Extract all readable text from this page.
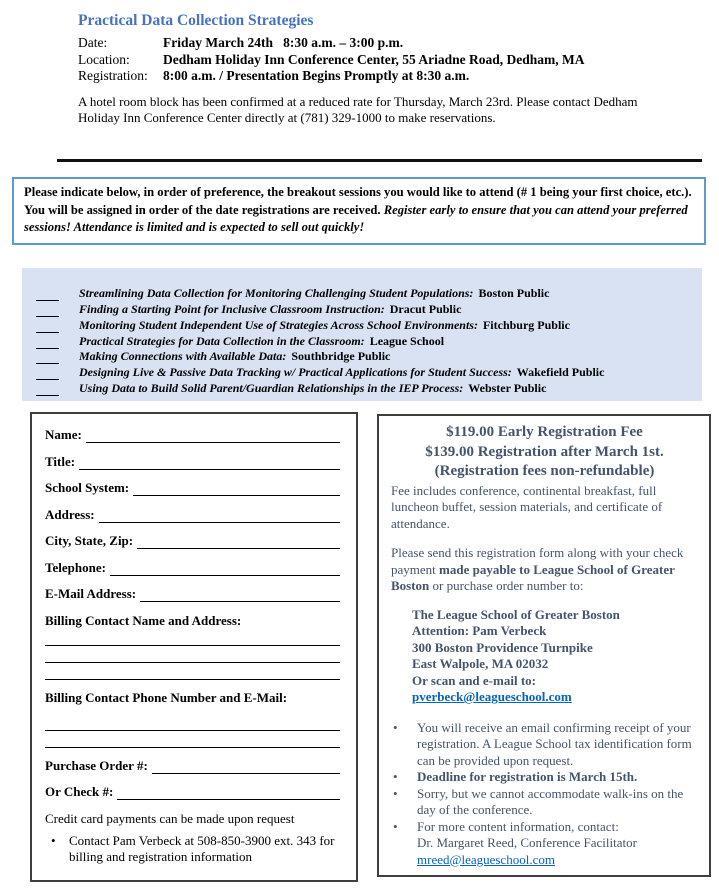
Practical Data Collection Strategies
Date:	Friday March 24th   8:30 a.m. – 3:00 p.m.
Location:	Dedham Holiday Inn Conference Center, 55 Ariadne Road, Dedham, MA
Registration:	8:00 a.m. / Presentation Begins Promptly at 8:30 a.m.

A hotel room block has been confirmed at a reduced rate for Thursday, March 23rd. Please contact Dedham Holiday Inn Conference Center directly at (781) 329-1000 to make reservations.

Please indicate below, in order of preference, the breakout sessions you would like to attend (# 1 being your first choice, etc.). You will be assigned in order of the date registrations are received. Register early to ensure that you can attend your preferred sessions! Attendance is limited and is expected to sell out quickly!
Streamlining Data Collection for Monitoring Challenging Student Populations: Boston Public
Finding a Starting Point for Inclusive Classroom Instruction: Dracut Public
Monitoring Student Independent Use of Strategies Across School Environments: Fitchburg Public
Practical Strategies for Data Collection in the Classroom: League School
Making Connections with Available Data: Southbridge Public
Designing Live & Passive Data Tracking w/ Practical Applications for Student Success: Wakefield Public
Using Data to Build Solid Parent/Guardian Relationships in the IEP Process: Webster Public
Name:
Title:
School System:
Address:
City, State, Zip:
Telephone:
E-Mail Address:
Billing Contact Name and Address:
Billing Contact Phone Number and E-Mail:
Purchase Order #:
Or Check #:
Credit card payments can be made upon request
•	Contact Pam Verbeck at 508-850-3900 ext. 343 for billing and registration information
$119.00 Early Registration Fee
$139.00 Registration after March 1st.
(Registration fees non-refundable)
Fee includes conference, continental breakfast, full luncheon buffet, session materials, and certificate of attendance.
Please send this registration form along with your check payment made payable to League School of Greater Boston or purchase order number to:
The League School of Greater Boston
Attention: Pam Verbeck
300 Boston Providence Turnpike
East Walpole, MA 02032
Or scan and e-mail to:
pverbeck@leagueschool.com
•	You will receive an email confirming receipt of your registration. A League School tax identification form can be provided upon request.
•	Deadline for registration is March 15th.
•	Sorry, but we cannot accommodate walk-ins on the day of the conference.
•	For more content information, contact:
Dr. Margaret Reed, Conference Facilitator
mreed@leagueschool.com
